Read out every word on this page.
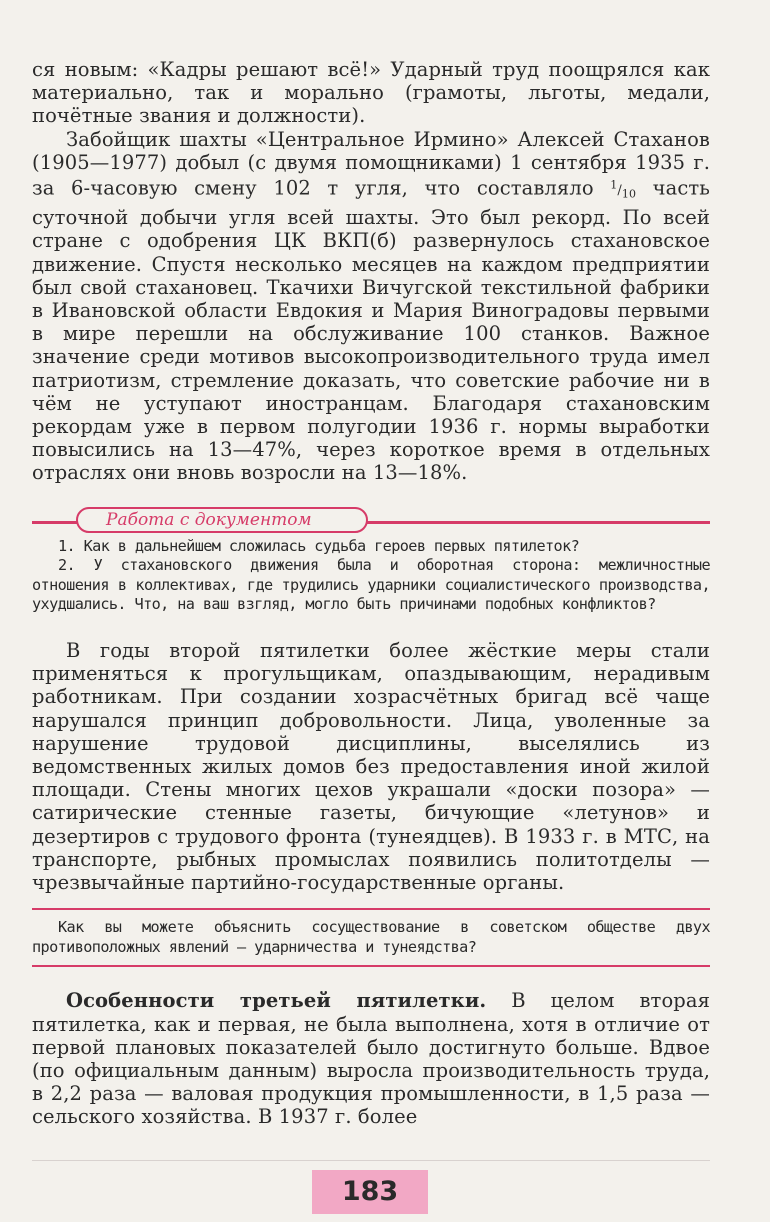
ся новым: «Кадры решают всё!» Ударный труд поощрялся как материально, так и морально (грамоты, льготы, медали, почётные звания и должности).

Забойщик шахты «Центральное Ирмино» Алексей Стаханов (1905—1977) добыл (с двумя помощниками) 1 сентября 1935 г. за 6-часовую смену 102 т угля, что составляло $^1/_{10}$ часть суточной добычи угля всей шахты. Это был рекорд. По всей стране с одобрения ЦК ВКП(б) развернулось стахановское движение. Спустя несколько месяцев на каждом предприятии был свой стахановец. Ткачихи Вичугской текстильной фабрики в Ивановской области Евдокия и Мария Виноградовы первыми в мире перешли на обслуживание 100 станков. Важное значение среди мотивов высокопроизводительного труда имел патриотизм, стремление доказать, что советские рабочие ни в чём не уступают иностранцам. Благодаря стахановским рекордам уже в первом полугодии 1936 г. нормы выработки повысились на 13—47%, через короткое время в отдельных отраслях они вновь возросли на 13—18%.

Работа с документом

1. Как в дальнейшем сложилась судьба героев первых пятилеток?

2. У стахановского движения была и оборотная сторона: межличностные отношения в коллективах, где трудились ударники социалистического производства, ухудшались. Что, на ваш взгляд, могло быть причинами подобных конфликтов?

В годы второй пятилетки более жёсткие меры стали применяться к прогульщикам, опаздывающим, нерадивым работникам. При создании хозрасчётных бригад всё чаще нарушался принцип добровольности. Лица, уволенные за нарушение трудовой дисциплины, выселялись из ведомственных жилых домов без предоставления иной жилой площади. Стены многих цехов украшали «доски позора» — сатирические стенные газеты, бичующие «летунов» и дезертиров с трудового фронта (тунеядцев). В 1933 г. в МТС, на транспорте, рыбных промыслах появились политотделы — чрезвычайные партийно-государственные органы.

Как вы можете объяснить сосуществование в советском обществе двух противоположных явлений — ударничества и тунеядства?

Особенности третьей пятилетки. В целом вторая пятилетка, как и первая, не была выполнена, хотя в отличие от первой плановых показателей было достигнуто больше. Вдвое (по официальным данным) выросла производительность труда, в 2,2 раза — валовая продукция промышленности, в 1,5 раза — сельского хозяйства. В 1937 г. более

183
